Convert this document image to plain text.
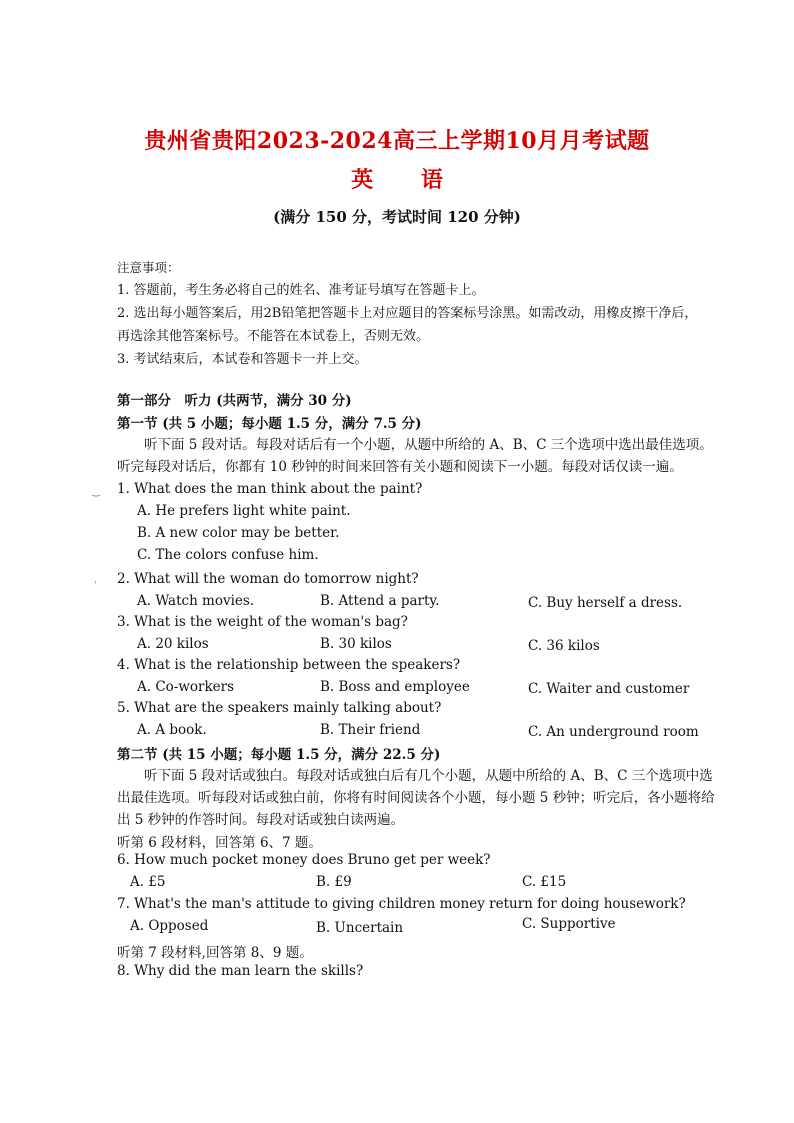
贵州省贵阳2023-2024高三上学期10月月考试题
英 语
(满分 150 分，考试时间 120 分钟)
注意事项：
1. 答题前，考生务必将自己的姓名、准考证号填写在答题卡上。
2. 选出每小题答案后，用2B铅笔把答题卡上对应题目的答案标号涂黑。如需改动，用橡皮擦干净后，
再选涂其他答案标号。不能答在本试卷上，否则无效。
3. 考试结束后，本试卷和答题卡一并上交。
第一部分　听力 (共两节，满分 30 分)
第一节 (共 5 小题；每小题 1.5 分，满分 7.5 分)
听下面 5 段对话。每段对话后有一个小题，从题中所给的 A、B、C 三个选项中选出最佳选项。
听完每段对话后，你都有 10 秒钟的时间来回答有关小题和阅读下一小题。每段对话仅读一遍。
‿ 1. What does the man think about the paint?
A. He prefers light white paint.
B. A new color may be better.
C. The colors confuse him.
ˌ 2. What will the woman do tomorrow night?
A. Watch movies.	B. Attend a party.	C. Buy herself a dress.
3. What is the weight of the woman's bag?
A. 20 kilos	B. 30 kilos	C. 36 kilos
4. What is the relationship between the speakers?
A. Co-workers	B. Boss and employee	C. Waiter and customer
5. What are the speakers mainly talking about?
A. A book.	B. Their friend	C. An underground room
第二节 (共 15 小题；每小题 1.5 分，满分 22.5 分)
听下面 5 段对话或独白。每段对话或独白后有几个小题，从题中所给的 A、B、C 三个选项中选
出最佳选项。听每段对话或独白前，你将有时间阅读各个小题，每小题 5 秒钟；听完后，各小题将给
出 5 秒钟的作答时间。每段对话或独白读两遍。
听第 6 段材料，回答第 6、7 题。
6. How much pocket money does Bruno get per week?
A. £5	B. £9	C. £15
7. What's the man's attitude to giving children money return for doing housework?
A. Opposed	B. Uncertain	C. Supportive
听第 7 段材料,回答第 8、9 题。
8. Why did the man learn the skills?
